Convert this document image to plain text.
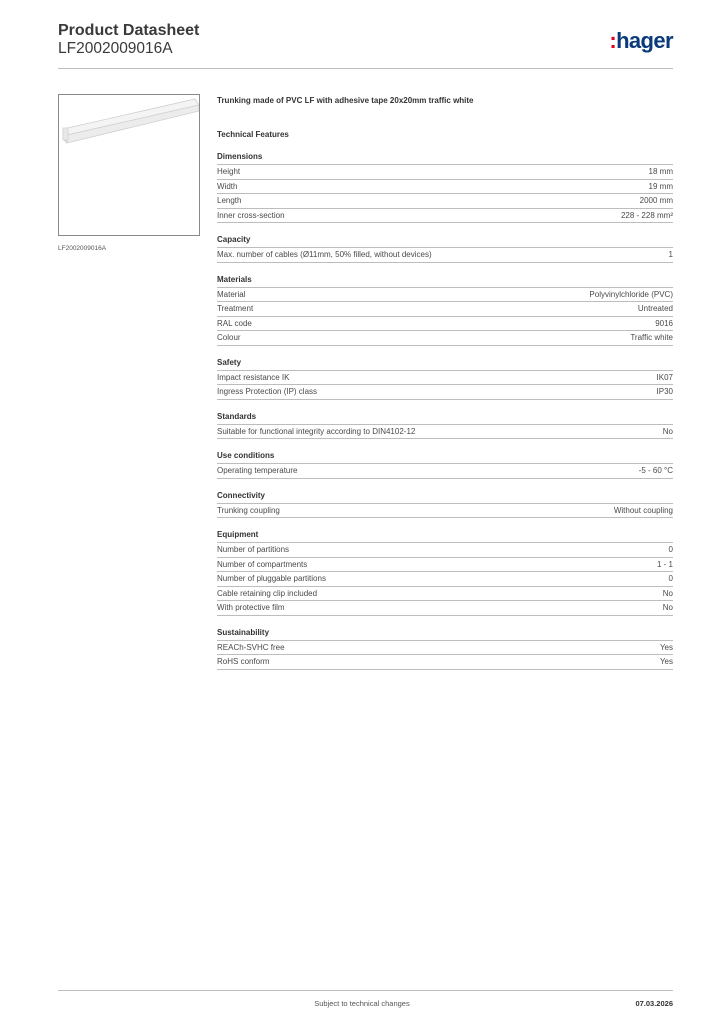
Product Datasheet
LF2002009016A	:hager
LF2002009016A
Trunking made of PVC LF with adhesive tape 20x20mm traffic white
Technical Features
Dimensions
Height	18 mm
Width	19 mm
Length	2000 mm
Inner cross-section	228 - 228 mm²
Capacity
Max. number of cables (Ø11mm, 50% filled, without devices)	1
Materials
Material	Polyvinylchloride (PVC)
Treatment	Untreated
RAL code	9016
Colour	Traffic white
Safety
Impact resistance IK	IK07
Ingress Protection (IP) class	IP30
Standards
Suitable for functional integrity according to DIN4102-12	No
Use conditions
Operating temperature	-5 - 60 °C
Connectivity
Trunking coupling	Without coupling
Equipment
Number of partitions	0
Number of compartments	1 - 1
Number of pluggable partitions	0
Cable retaining clip included	No
With protective film	No
Sustainability
REACh-SVHC free	Yes
RoHS conform	Yes
Subject to technical changes	07.03.2026
